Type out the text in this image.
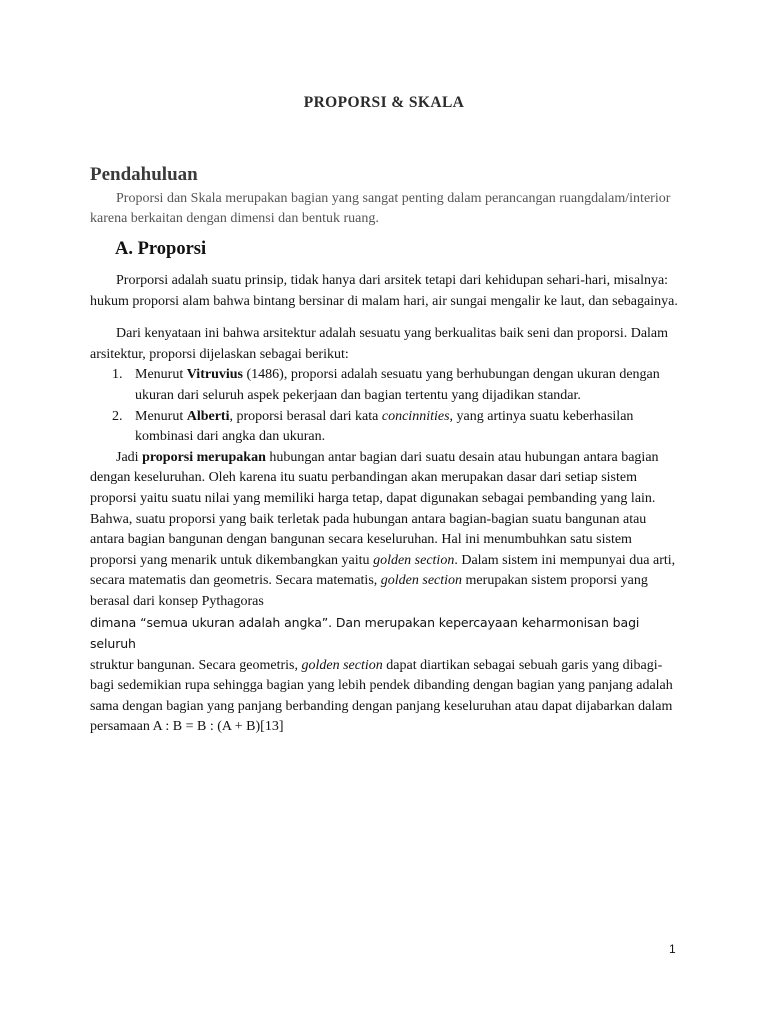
PROPORSI & SKALA
Pendahuluan
Proporsi dan Skala merupakan bagian yang sangat penting dalam perancangan ruangdalam/interior karena berkaitan dengan dimensi dan bentuk ruang.
A. Proporsi

Prorporsi adalah suatu prinsip, tidak hanya dari arsitek tetapi dari kehidupan sehari-hari, misalnya: hukum proporsi alam bahwa bintang bersinar di malam hari, air sungai mengalir ke laut, dan sebagainya.

Dari kenyataan ini bahwa arsitektur adalah sesuatu yang berkualitas baik seni dan proporsi. Dalam arsitektur, proporsi dijelaskan sebagai berikut:

1. Menurut Vitruvius (1486), proporsi adalah sesuatu yang berhubungan dengan ukuran dengan ukuran dari seluruh aspek pekerjaan dan bagian tertentu yang dijadikan standar.
2. Menurut Alberti, proporsi berasal dari kata concinnities, yang artinya suatu keberhasilan kombinasi dari angka dan ukuran.

Jadi proporsi merupakan hubungan antar bagian dari suatu desain atau hubungan antara bagian dengan keseluruhan. Oleh karena itu suatu perbandingan akan merupakan dasar dari setiap sistem proporsi yaitu suatu nilai yang memiliki harga tetap, dapat digunakan sebagai pembanding yang lain. Bahwa, suatu proporsi yang baik terletak pada hubungan antara bagian-bagian suatu bangunan atau antara bagian bangunan dengan bangunan secara keseluruhan. Hal ini menumbuhkan satu sistem proporsi yang menarik untuk dikembangkan yaitu golden section. Dalam sistem ini mempunyai dua arti, secara matematis dan geometris. Secara matematis, golden section merupakan sistem proporsi yang berasal dari konsep Pythagoras
dimana “semua ukuran adalah angka”. Dan merupakan kepercayaan keharmonisan bagi seluruh
struktur bangunan. Secara geometris, golden section dapat diartikan sebagai sebuah garis yang dibagi-bagi sedemikian rupa sehingga bagian yang lebih pendek dibanding dengan bagian yang panjang adalah sama dengan bagian yang panjang berbanding dengan panjang keseluruhan atau dapat dijabarkan dalam persamaan A : B = B : (A + B)[13]

1
